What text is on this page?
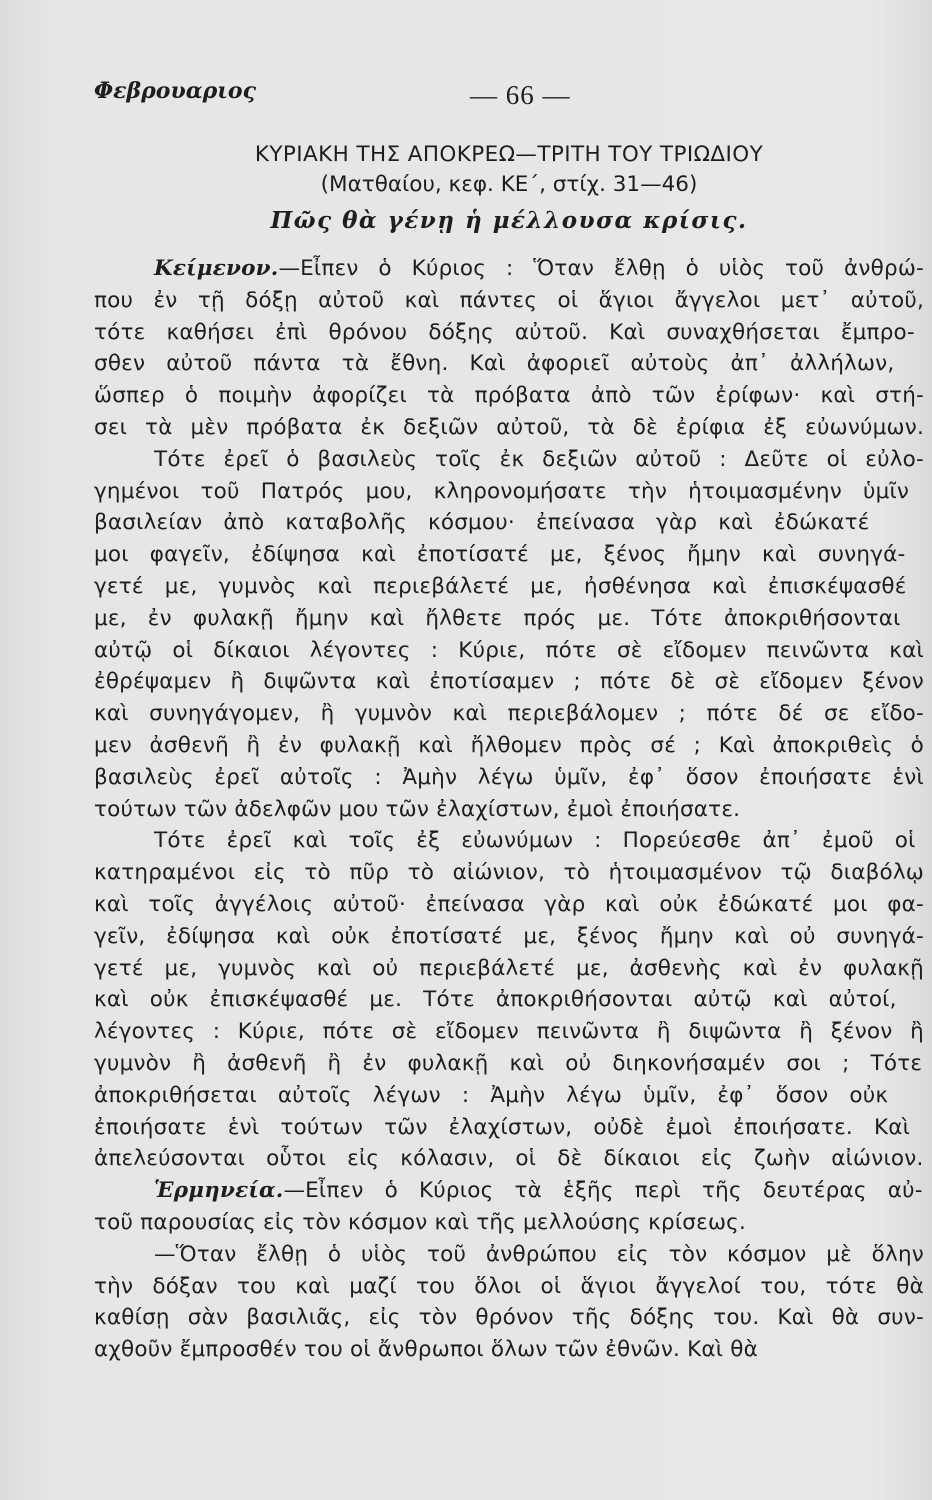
Φεβρουαριος	— 66 —
ΚΥΡΙΑΚΗ ΤΗΣ ΑΠΟΚΡΕΩ—ΤΡΙΤΗ ΤΟΥ ΤΡΙΩΔΙΟΥ
(Ματθαίου, κεφ. ΚΕ΄, στίχ. 31—46)
Πῶς θὰ γένῃ ἡ μέλλουσα κρίσις.
Κείμενον.—Εἶπεν ὁ Κύριος : Ὅταν ἔλθῃ ὁ υἱὸς τοῦ ἀνθρώ-
που ἐν τῇ δόξῃ αὐτοῦ καὶ πάντες οἱ ἅγιοι ἄγγελοι μετ᾽ αὐτοῦ,
τότε καθήσει ἐπὶ θρόνου δόξης αὐτοῦ. Καὶ συναχθήσεται ἔμπρο-
σθεν αὐτοῦ πάντα τὰ ἔθνη. Καὶ ἀφοριεῖ αὐτοὺς ἀπ᾽ ἀλλήλων,
ὥσπερ ὁ ποιμὴν ἀφορίζει τὰ πρόβατα ἀπὸ τῶν ἐρίφων· καὶ στή-
σει τὰ μὲν πρόβατα ἐκ δεξιῶν αὐτοῦ, τὰ δὲ ἐρίφια ἐξ εὐωνύμων.
Τότε ἐρεῖ ὁ βασιλεὺς τοῖς ἐκ δεξιῶν αὐτοῦ : Δεῦτε οἱ εὐλο-
γημένοι τοῦ Πατρός μου, κληρονομήσατε τὴν ἡτοιμασμένην ὑμῖν
βασιλείαν ἀπὸ καταβολῆς κόσμου· ἐπείνασα γὰρ καὶ ἐδώκατέ
μοι φαγεῖν, ἐδίψησα καὶ ἐποτίσατέ με, ξένος ἤμην καὶ συνηγά-
γετέ με, γυμνὸς καὶ περιεβάλετέ με, ἠσθένησα καὶ ἐπισκέψασθέ
με, ἐν φυλακῇ ἤμην καὶ ἤλθετε πρός με. Τότε ἀποκριθήσονται
αὐτῷ οἱ δίκαιοι λέγοντες : Κύριε, πότε σὲ εἴδομεν πεινῶντα καὶ
ἐθρέψαμεν ἢ διψῶντα καὶ ἐποτίσαμεν ; πότε δὲ σὲ εἴδομεν ξένον
καὶ συνηγάγομεν, ἢ γυμνὸν καὶ περιεβάλομεν ; πότε δέ σε εἴδο-
μεν ἀσθενῆ ἢ ἐν φυλακῇ καὶ ἤλθομεν πρὸς σέ ; Καὶ ἀποκριθεὶς ὁ
βασιλεὺς ἐρεῖ αὐτοῖς : Ἀμὴν λέγω ὑμῖν, ἐφ᾽ ὅσον ἐποιήσατε ἑνὶ
τούτων τῶν ἀδελφῶν μου τῶν ἐλαχίστων, ἐμοὶ ἐποιήσατε.
Τότε ἐρεῖ καὶ τοῖς ἐξ εὐωνύμων : Πορεύεσθε ἀπ᾽ ἐμοῦ οἱ
κατηραμένοι εἰς τὸ πῦρ τὸ αἰώνιον, τὸ ἡτοιμασμένον τῷ διαβόλῳ
καὶ τοῖς ἀγγέλοις αὐτοῦ· ἐπείνασα γὰρ καὶ οὐκ ἐδώκατέ μοι φα-
γεῖν, ἐδίψησα καὶ οὐκ ἐποτίσατέ με, ξένος ἤμην καὶ οὐ συνηγά-
γετέ με, γυμνὸς καὶ οὐ περιεβάλετέ με, ἀσθενὴς καὶ ἐν φυλακῇ
καὶ οὐκ ἐπισκέψασθέ με. Τότε ἀποκριθήσονται αὐτῷ καὶ αὐτοί,
λέγοντες : Κύριε, πότε σὲ εἴδομεν πεινῶντα ἢ διψῶντα ἢ ξένον ἢ
γυμνὸν ἢ ἀσθενῆ ἢ ἐν φυλακῇ καὶ οὐ διηκονήσαμέν σοι ; Τότε
ἀποκριθήσεται αὐτοῖς λέγων : Ἀμὴν λέγω ὑμῖν, ἐφ᾽ ὅσον οὐκ
ἐποιήσατε ἑνὶ τούτων τῶν ἐλαχίστων, οὐδὲ ἐμοὶ ἐποιήσατε. Καὶ
ἀπελεύσονται οὗτοι εἰς κόλασιν, οἱ δὲ δίκαιοι εἰς ζωὴν αἰώνιον.
Ἑρμηνεία.—Εἶπεν ὁ Κύριος τὰ ἑξῆς περὶ τῆς δευτέρας αὐ-
τοῦ παρουσίας εἰς τὸν κόσμον καὶ τῆς μελλούσης κρίσεως.
—Ὅταν ἔλθῃ ὁ υἱὸς τοῦ ἀνθρώπου εἰς τὸν κόσμον μὲ ὅλην
τὴν δόξαν του καὶ μαζί του ὅλοι οἱ ἅγιοι ἄγγελοί του, τότε θὰ
καθίσῃ σὰν βασιλιᾶς, εἰς τὸν θρόνον τῆς δόξης του. Καὶ θὰ συν-
αχθοῦν ἔμπροσθέν του οἱ ἄνθρωποι ὅλων τῶν ἐθνῶν. Καὶ θὰ
